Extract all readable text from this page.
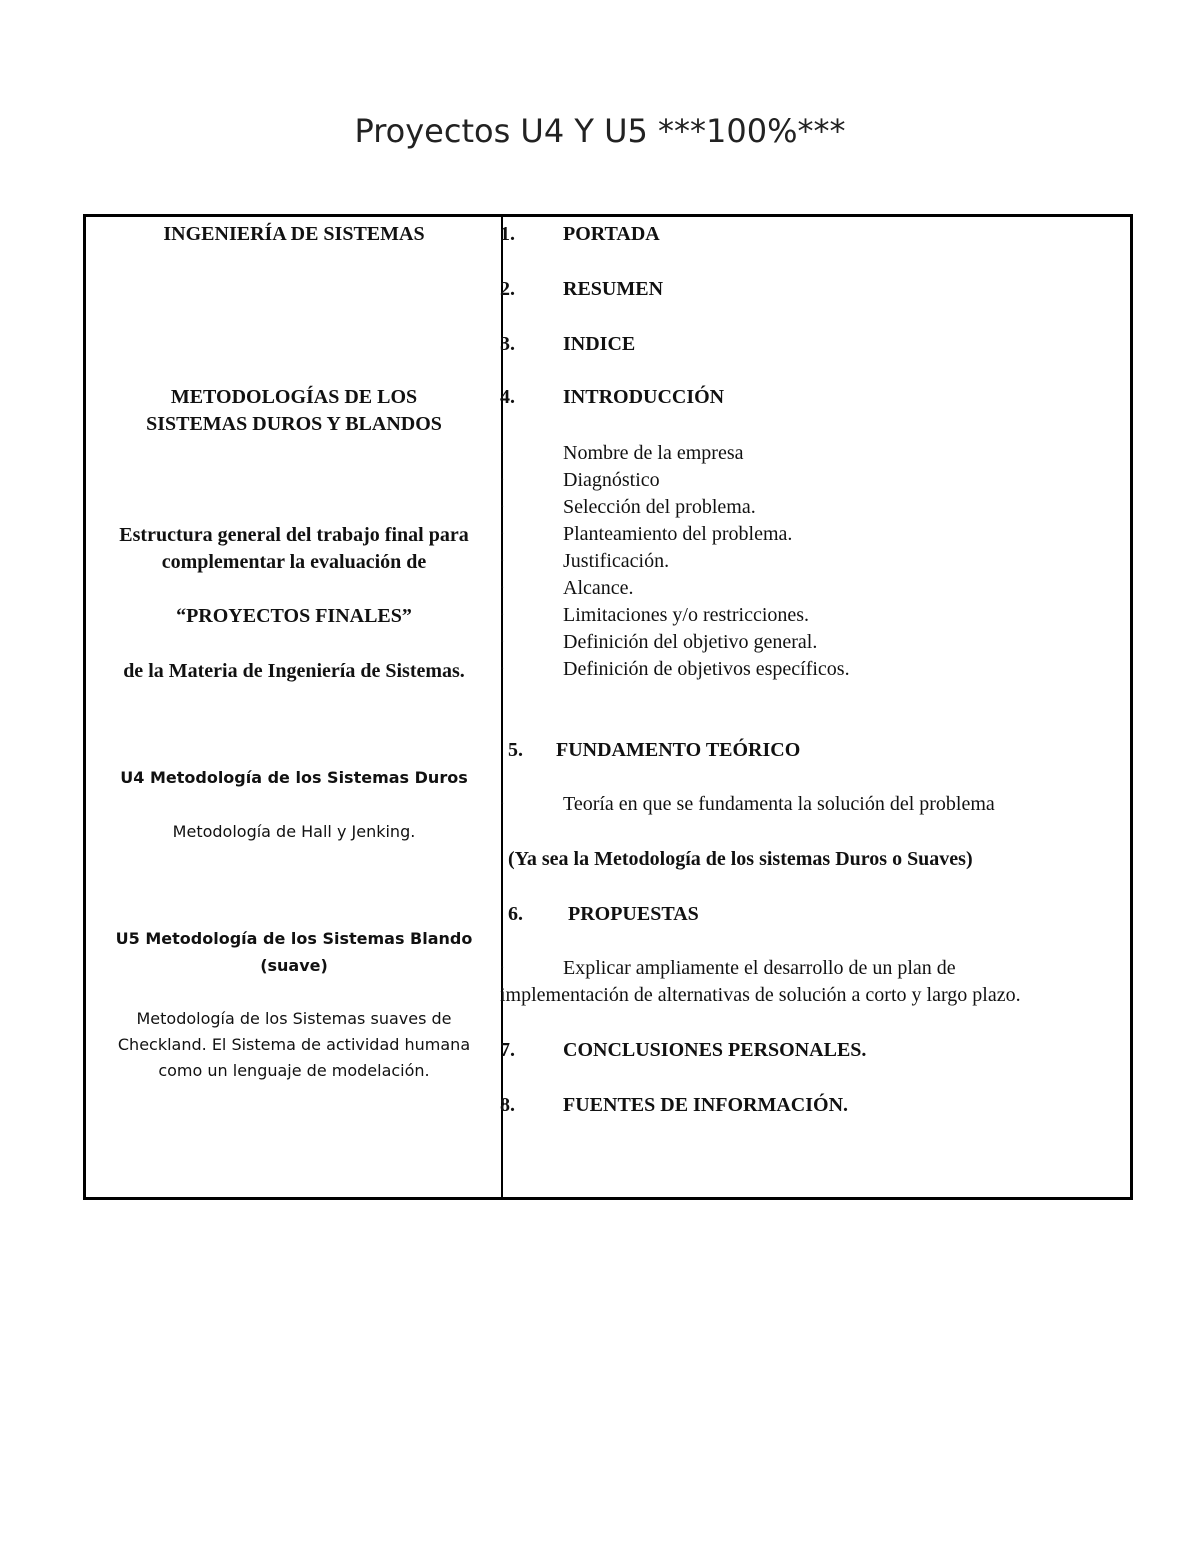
Proyectos U4 Y U5 ***100%***
INGENIERÍA DE SISTEMAS
METODOLOGÍAS DE LOS
SISTEMAS DUROS Y BLANDOS
Estructura general del trabajo final para
complementar la evaluación de
“PROYECTOS FINALES”
de la Materia de Ingeniería de Sistemas.
U4 Metodología de los Sistemas Duros
Metodología de Hall y Jenking.
U5 Metodología de los Sistemas Blando
(suave)
Metodología de los Sistemas suaves de
Checkland. El Sistema de actividad humana
como un lenguaje de modelación.
1. PORTADA
2. RESUMEN
3. INDICE
4. INTRODUCCIÓN
·	Nombre de la empresa
·	Diagnóstico
·	Selección del problema.
·	Planteamiento del problema.
·	Justificación.
·	Alcance.
·	Limitaciones y/o restricciones.
·	Definición del objetivo general.
·	Definición de objetivos específicos.
5. FUNDAMENTO TEÓRICO
·	Teoría en que se fundamenta la solución del problema
(Ya sea la Metodología de los sistemas Duros o Suaves)
6. PROPUESTAS
·	Explicar ampliamente el desarrollo de un plan de
implementación de alternativas de solución a corto y largo plazo.
7. CONCLUSIONES PERSONALES.
8. FUENTES DE INFORMACIÓN.
